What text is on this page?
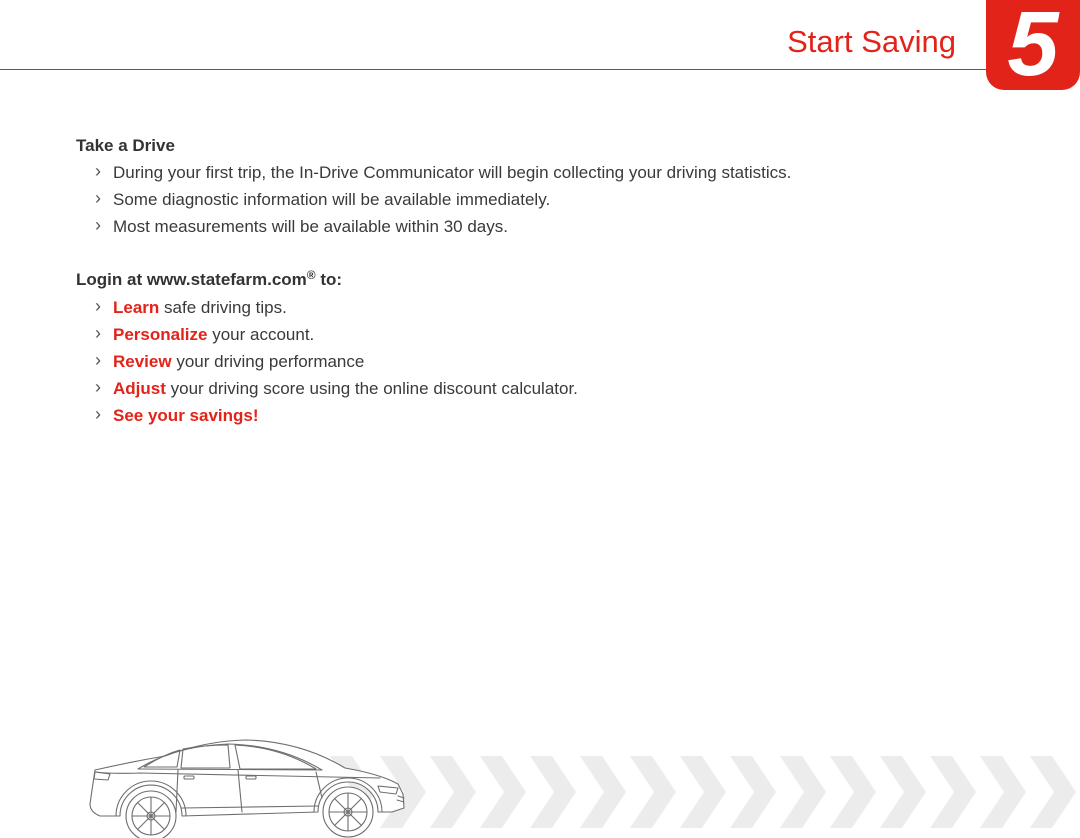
Start Saving 5
Take a Drive
› During your first trip, the In-Drive Communicator will begin collecting your driving statistics.
› Some diagnostic information will be available immediately.
› Most measurements will be available within 30 days.
Login at www.statefarm.com® to:
› Learn safe driving tips.
› Personalize your account.
› Review your driving performance
› Adjust your driving score using the online discount calculator.
› See your savings!
